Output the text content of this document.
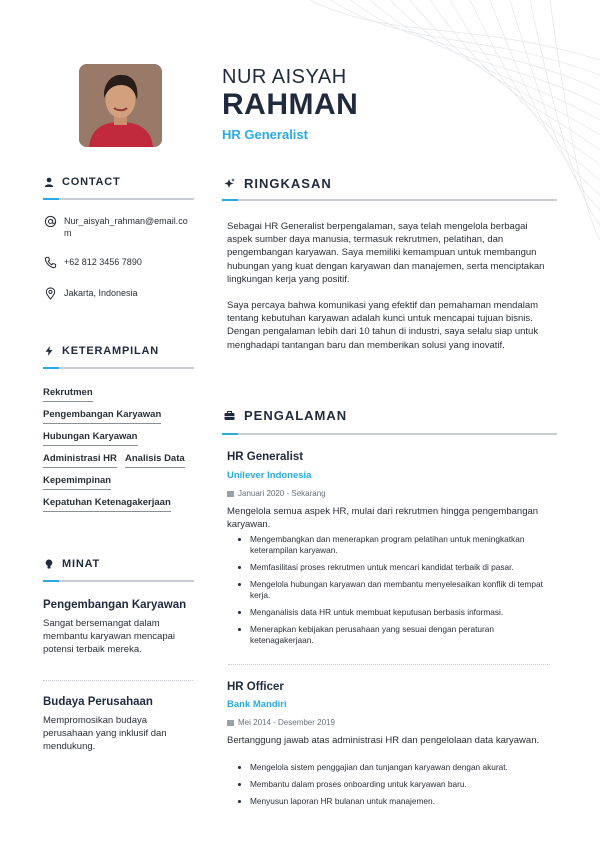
NUR AISYAH
RAHMAN
HR Generalist
CONTACT
Nur_aisyah_rahman@email.com
+62 812 3456 7890
Jakarta, Indonesia
KETERAMPILAN
Rekrutmen
Pengembangan Karyawan
Hubungan Karyawan
Administrasi HR Analisis Data
Kepemimpinan
Kepatuhan Ketenagakerjaan
MINAT
Pengembangan Karyawan
Sangat bersemangat dalam membantu karyawan mencapai potensi terbaik mereka.
Budaya Perusahaan
Mempromosikan budaya perusahaan yang inklusif dan mendukung.
RINGKASAN
Sebagai HR Generalist berpengalaman, saya telah mengelola berbagai aspek sumber daya manusia, termasuk rekrutmen, pelatihan, dan pengembangan karyawan. Saya memiliki kemampuan untuk membangun hubungan yang kuat dengan karyawan dan manajemen, serta menciptakan lingkungan kerja yang positif.
Saya percaya bahwa komunikasi yang efektif dan pemahaman mendalam tentang kebutuhan karyawan adalah kunci untuk mencapai tujuan bisnis. Dengan pengalaman lebih dari 10 tahun di industri, saya selalu siap untuk menghadapi tantangan baru dan memberikan solusi yang inovatif.
PENGALAMAN
HR Generalist
Unilever Indonesia
Januari 2020 - Sekarang
Mengelola semua aspek HR, mulai dari rekrutmen hingga pengembangan karyawan.
Mengembangkan dan menerapkan program pelatihan untuk meningkatkan keterampilan karyawan.
Memfasilitasi proses rekrutmen untuk mencari kandidat terbaik di pasar.
Mengelola hubungan karyawan dan membantu menyelesaikan konflik di tempat kerja.
Menganalisis data HR untuk membuat keputusan berbasis informasi.
Menerapkan kebijakan perusahaan yang sesuai dengan peraturan ketenagakerjaan.
HR Officer
Bank Mandiri
Mei 2014 - Desember 2019
Bertanggung jawab atas administrasi HR dan pengelolaan data karyawan.
Mengelola sistem penggajian dan tunjangan karyawan dengan akurat.
Membantu dalam proses onboarding untuk karyawan baru.
Menyusun laporan HR bulanan untuk manajemen.
